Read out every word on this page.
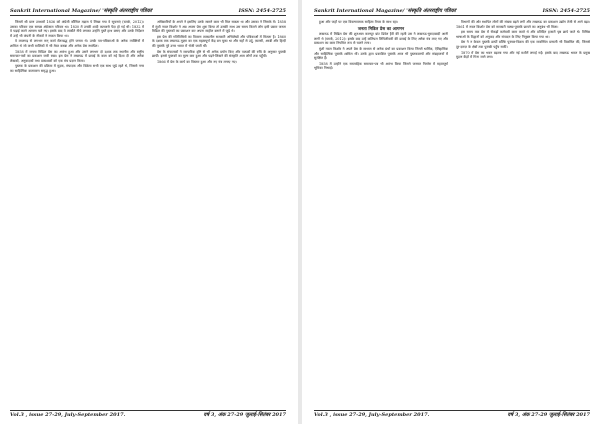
Sankrit International Magazine/ 'संस्कृति अंतरराष्ट्रीय पत्रिका'	ISSN: 2454-2725

जिसमें श्री प्राण उपधारों 1836 को अंग्रेजी कौंसिल मद्रास पे लिखा गया वे सूचनाएं (स्टार्क, 2012)। उसका परिवार एक सम्पन्न अंग्रेजारा परिवार था। 1830 में उनकी शादी कलकत्ते पैदा हो गई थी। 1832 में वे पढ़ाई करने अत्यन्त चले गए। इसके बाद वे तत्कौते नीचे लगकर उन्होंने पुस्तें हाथ बनाए और उनके निर्देशन में उन्हें भी कंपनी के नौकरों ने सफल किया था।

वे लालगढ़ से लगभग सन् कार्य मेंतरबद्ध होने जनता थे। उनके पत्र-पत्रिकाओं के अनेक व्यक्तियों में शामिल थे जो कभी मालिकों में भी मेरठ कस्बा और अनेक प्रेस स्थापित।

1858 में जनता मिडिल प्रेस का आरंभ हुआ और उसने लगभग दो दशक तक स्थानीय और राष्ट्रीय समाचार-पत्रों का प्रकाशन जारी रखा। इस प्रेस ने लखनऊ में छपाई के काम को नई दिशा दी और अनेक लेखकों, अनुवादकों तथा प्रकाशकों को एक मंच प्रदान किया।

पुस्तक के प्रकाशन की प्रक्रिया में मुद्रक, संपादक और विक्रेता सभी एक साथ जुड़े रहते थे, जिससे नगर का साहित्यिक वातावरण समृद्ध हुआ।

अधिकारियों के अपने ने इसलिए उनके सामने काम भी मिल सकता था और उसका ने जिसके में। 1858 में मुंशी नवल किशोर ने अब अपना प्रेस शुरू किया तो उसकी साथ उस समय कितने लोग इसी प्रकार जनता मिडिल की पुस्तकों का प्रकाशन कर अपना माहौल बनाने में जुड़े थे।

इस प्रेस की गतिविधियों का विवरण तत्कालीन सरकारी अभिलेखों और पत्रिकाओं में मिलता है। 1860 के दशक तक लखनऊ मुद्रण का एक महत्वपूर्ण केंद्र बन चुका था और यहाँ से उर्दू, फ़ारसी, अरबी और हिन्दी की पुस्तकें पूरे उत्तर भारत में भेजी जाती थीं।

प्रेस के संचालकों ने व्यापारिक दृष्टि से भी अनेक प्रयोग किए और पाठकों की रुचि के अनुसार पुस्तकें छापीं। इससे पुस्तकों का मूल्य कम हुआ और पढ़ने-लिखने की संस्कृति आम लोगों तक पहुँची।

1866 में प्रेस के कार्य का विस्तार हुआ और नए यंत्र लगाए गए।

Vol.3 , issue 27-29, July-September 2017.	वर्ष 3, अंक 27-29 जुलाई-सितंबर 2017
Sankrit International Magazine/ 'संस्कृति अंतरराष्ट्रीय पत्रिका'	ISSN: 2454-2725

हुआ और जहाँ पर एक विवरणात्मक साहित्य तैयार के साथ रहा।

जनता मिडिल प्रेस का आगमन

लखनऊ में मिडिल प्रेस की शुरुआत कानपुर ग्रांट डिवेल हैरी की रहती उस ने लखनऊ-मुरादाबादी आनी लागी थे (स्टार्क, 2012)। इसके बाद उन्हें कलिपल लिपिलीवारी की छपाई के लिए अनेक यंत्र लाए गए और प्रकाशन का काम नियमित रूप से चलने लगा।

मुंशी नवल किशोर ने अपने प्रेस के माध्यम से अनेक ग्रंथों का प्रकाशन किया जिनमें धार्मिक, ऐतिहासिक और साहित्यिक पुस्तकें शामिल थीं। उनके द्वारा प्रकाशित पुस्तकें आज भी पुस्तकालयों और संग्रहालयों में सुरक्षित हैं।

1858 में उन्होंने एक साप्ताहिक समाचार-पत्र भी आरंभ किया जिसने जनमत निर्माण में महत्वपूर्ण भूमिका निभाई।

विभागों की ओर स्थापित लोगों की संख्या बढ़ने लगी और लखनऊ का प्रकाशन उद्योग तेजी से आगे बढ़ा। 1861 में नवल किशोर प्रेस को सरकारी पाठ्य-पुस्तकें छापने का अनुबंध भी मिला।

इस समय तक प्रेस में सैकड़ों कर्मचारी काम करते थे और प्रतिदिन हजारों पृष्ठ छापे जाते थे। विभिन्न भाषाओं के विद्वानों को अनुवाद और संपादन के लिए नियुक्त किया गया था।

प्रेस ने न केवल पुस्तकें छापीं बल्कि पुस्तक-विक्रय की एक व्यवस्थित प्रणाली भी विकसित की, जिससे दूर-दराज़ के क्षेत्रों तक पुस्तकें पहुँच सकीं।

1870 में प्रेस का भवन बढ़ाया गया और नई मशीनें लगाई गईं। इसके बाद लखनऊ भारत के प्रमुख मुद्रण केंद्रों में गिना जाने लगा।

Vol.3 , issue 27-29, July-September 2017.	वर्ष 3, अंक 27-29 जुलाई-सितंबर 2017
